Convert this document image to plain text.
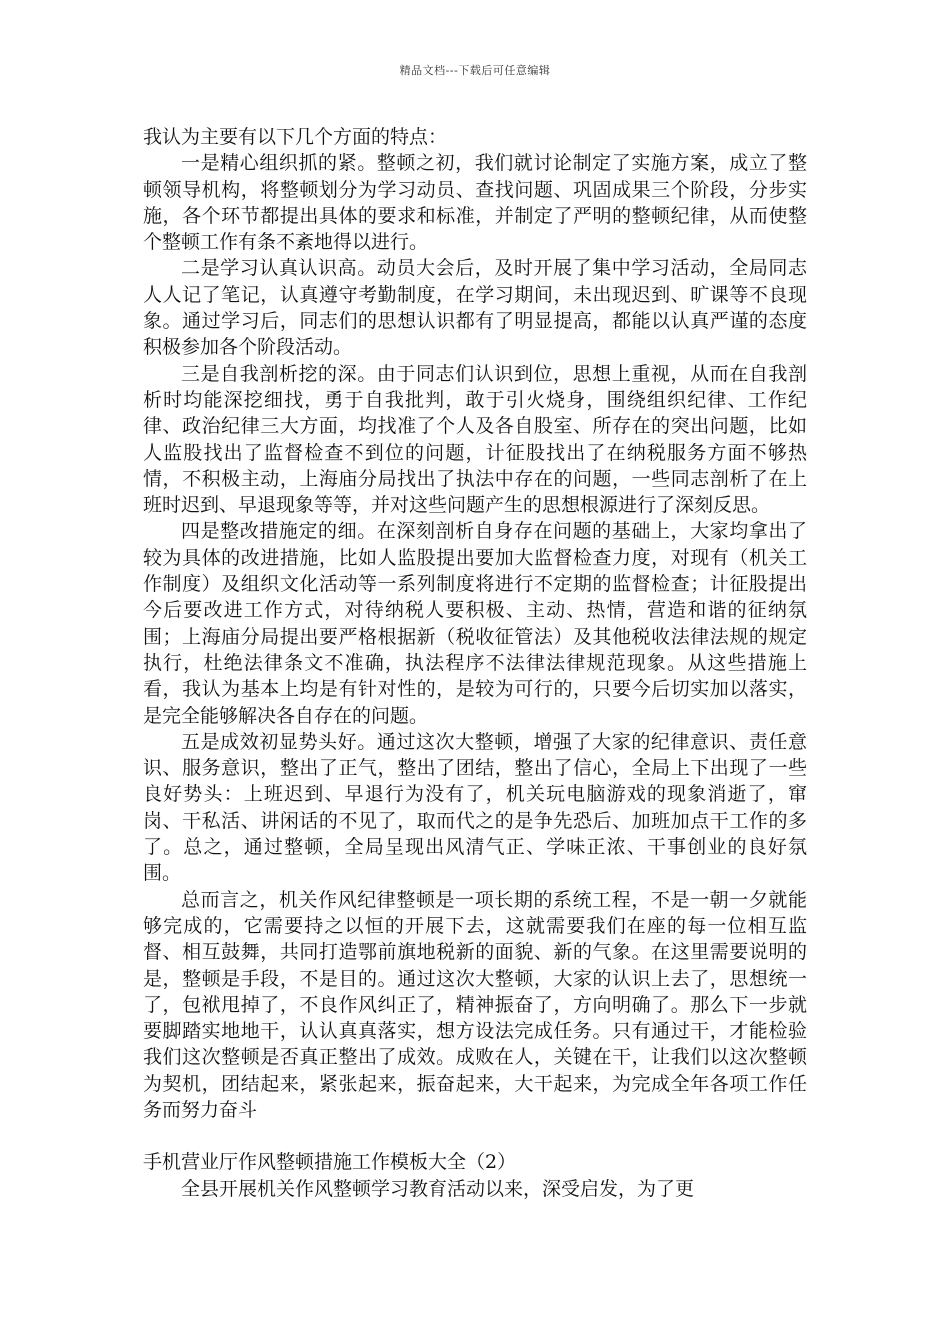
精品文档---下载后可任意编辑

我认为主要有以下几个方面的特点：

一是精心组织抓的紧。整顿之初，我们就讨论制定了实施方案，成立了整顿领导机构，将整顿划分为学习动员、查找问题、巩固成果三个阶段，分步实施，各个环节都提出具体的要求和标准，并制定了严明的整顿纪律，从而使整个整顿工作有条不紊地得以进行。

二是学习认真认识高。动员大会后，及时开展了集中学习活动，全局同志人人记了笔记，认真遵守考勤制度，在学习期间，未出现迟到、旷课等不良现象。通过学习后，同志们的思想认识都有了明显提高，都能以认真严谨的态度积极参加各个阶段活动。

三是自我剖析挖的深。由于同志们认识到位，思想上重视，从而在自我剖析时均能深挖细找，勇于自我批判，敢于引火烧身，围绕组织纪律、工作纪律、政治纪律三大方面，均找准了个人及各自股室、所存在的突出问题，比如人监股找出了监督检查不到位的问题，计征股找出了在纳税服务方面不够热情，不积极主动，上海庙分局找出了执法中存在的问题，一些同志剖析了在上班时迟到、早退现象等等，并对这些问题产生的思想根源进行了深刻反思。

四是整改措施定的细。在深刻剖析自身存在问题的基础上，大家均拿出了较为具体的改进措施，比如人监股提出要加大监督检查力度，对现有（机关工作制度）及组织文化活动等一系列制度将进行不定期的监督检查；计征股提出今后要改进工作方式，对待纳税人要积极、主动、热情，营造和谐的征纳氛围；上海庙分局提出要严格根据新（税收征管法）及其他税收法律法规的规定执行，杜绝法律条文不准确，执法程序不法律法律规范现象。从这些措施上看，我认为基本上均是有针对性的，是较为可行的，只要今后切实加以落实，是完全能够解决各自存在的问题。

五是成效初显势头好。通过这次大整顿，增强了大家的纪律意识、责任意识、服务意识，整出了正气，整出了团结，整出了信心，全局上下出现了一些良好势头：上班迟到、早退行为没有了，机关玩电脑游戏的现象消逝了，窜岗、干私活、讲闲话的不见了，取而代之的是争先恐后、加班加点干工作的多了。总之，通过整顿，全局呈现出风清气正、学味正浓、干事创业的良好氛围。

总而言之，机关作风纪律整顿是一项长期的系统工程，不是一朝一夕就能够完成的，它需要持之以恒的开展下去，这就需要我们在座的每一位相互监督、相互鼓舞，共同打造鄂前旗地税新的面貌、新的气象。在这里需要说明的是，整顿是手段，不是目的。通过这次大整顿，大家的认识上去了，思想统一了，包袱甩掉了，不良作风纠正了，精神振奋了，方向明确了。那么下一步就要脚踏实地地干，认认真真落实，想方设法完成任务。只有通过干，才能检验我们这次整顿是否真正整出了成效。成败在人，关键在干，让我们以这次整顿为契机，团结起来，紧张起来，振奋起来，大干起来，为完成全年各项工作任务而努力奋斗

手机营业厅作风整顿措施工作模板大全（2）

全县开展机关作风整顿学习教育活动以来，深受启发，为了更
